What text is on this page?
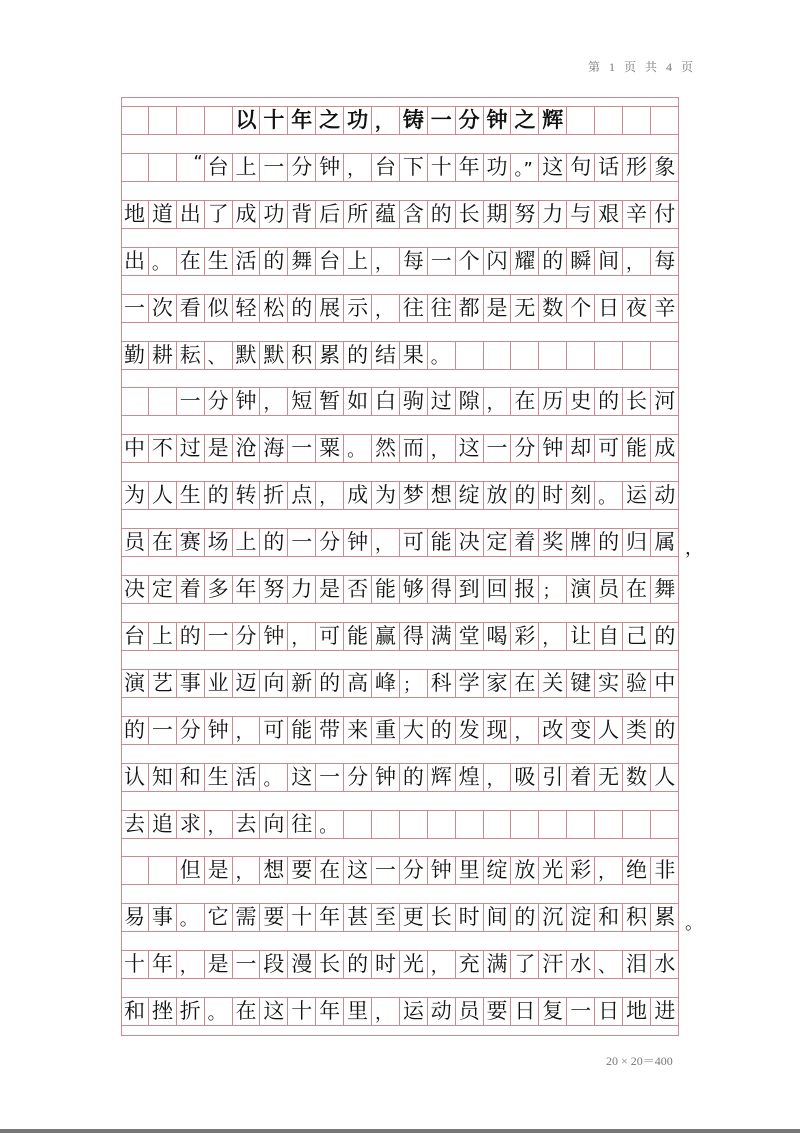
第 1 页 共 4 页
以 十 年 之 功 ， 铸 一 分 钟 之 辉
“ 台 上 一 分 钟 ， 台 下 十 年 功 。” 这 句 话 形 象
地 道 出 了 成 功 背 后 所 蕴 含 的 长 期 努 力 与 艰 辛 付
出 。 在 生 活 的 舞 台 上 ， 每 一 个 闪 耀 的 瞬 间 ， 每
一 次 看 似 轻 松 的 展 示 ， 往 往 都 是 无 数 个 日 夜 辛
勤 耕 耘 、 默 默 积 累 的 结 果 。
一 分 钟 ， 短 暂 如 白 驹 过 隙 ， 在 历 史 的 长 河
中 不 过 是 沧 海 一 粟 。 然 而 ， 这 一 分 钟 却 可 能 成
为 人 生 的 转 折 点 ， 成 为 梦 想 绽 放 的 时 刻 。 运 动
员 在 赛 场 上 的 一 分 钟 ， 可 能 决 定 着 奖 牌 的 归 属
决 定 着 多 年 努 力 是 否 能 够 得 到 回 报 ； 演 员 在 舞
台 上 的 一 分 钟 ， 可 能 赢 得 满 堂 喝 彩 ， 让 自 己 的
演 艺 事 业 迈 向 新 的 高 峰 ； 科 学 家 在 关 键 实 验 中
的 一 分 钟 ， 可 能 带 来 重 大 的 发 现 ， 改 变 人 类 的
认 知 和 生 活 。 这 一 分 钟 的 辉 煌 ， 吸 引 着 无 数 人
去 追 求 ， 去 向 往 。
但 是 ， 想 要 在 这 一 分 钟 里 绽 放 光 彩 ， 绝 非
易 事 。 它 需 要 十 年 甚 至 更 长 时 间 的 沉 淀 和 积 累
十 年 ， 是 一 段 漫 长 的 时 光 ， 充 满 了 汗 水 、 泪 水
和 挫 折 。 在 这 十 年 里 ， 运 动 员 要 日 复 一 日 地 进
，
。
20 × 20＝400
